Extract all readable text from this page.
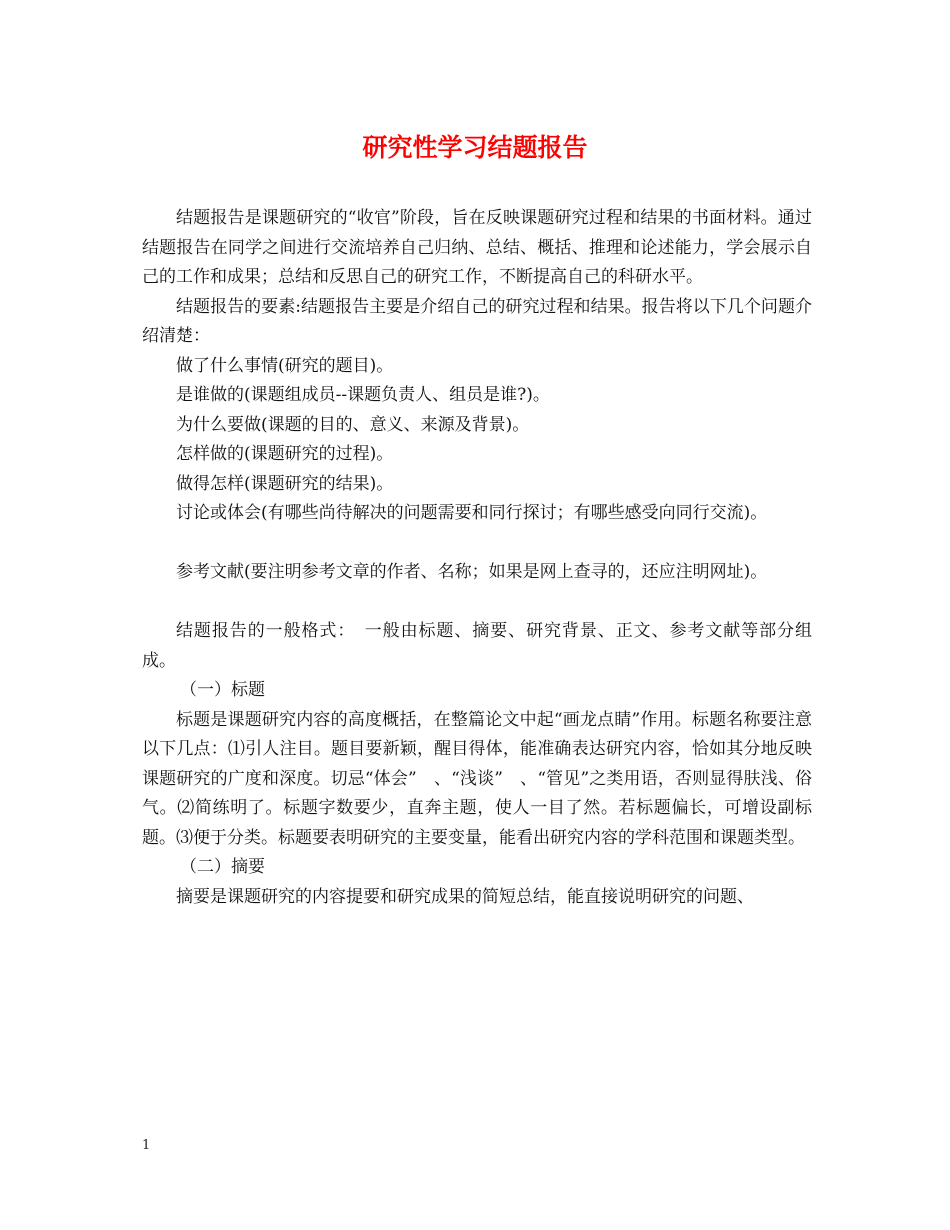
研究性学习结题报告

结题报告是课题研究的“收官”阶段，旨在反映课题研究过程和结果的书面材料。通过结题报告在同学之间进行交流培养自己归纳、总结、概括、推理和论述能力，学会展示自己的工作和成果；总结和反思自己的研究工作，不断提高自己的科研水平。

结题报告的要素:结题报告主要是介绍自己的研究过程和结果。报告将以下几个问题介绍清楚：

做了什么事情(研究的题目)。

是谁做的(课题组成员--课题负责人、组员是谁?)。

为什么要做(课题的目的、意义、来源及背景)。

怎样做的(课题研究的过程)。

做得怎样(课题研究的结果)。

讨论或体会(有哪些尚待解决的问题需要和同行探讨；有哪些感受向同行交流)。

参考文献(要注明参考文章的作者、名称；如果是网上查寻的，还应注明网址)。

结题报告的一般格式：　一般由标题、摘要、研究背景、正文、参考文献等部分组成。

（一）标题

标题是课题研究内容的高度概括，在整篇论文中起“画龙点睛”作用。标题名称要注意以下几点：⑴引人注目。题目要新颖，醒目得体，能准确表达研究内容，恰如其分地反映课题研究的广度和深度。切忌“体会”　、“浅谈”　、“管见”之类用语，否则显得肤浅、俗气。⑵简练明了。标题字数要少，直奔主题，使人一目了然。若标题偏长，可增设副标题。⑶便于分类。标题要表明研究的主要变量，能看出研究内容的学科范围和课题类型。

（二）摘要

摘要是课题研究的内容提要和研究成果的简短总结，能直接说明研究的问题、

1
